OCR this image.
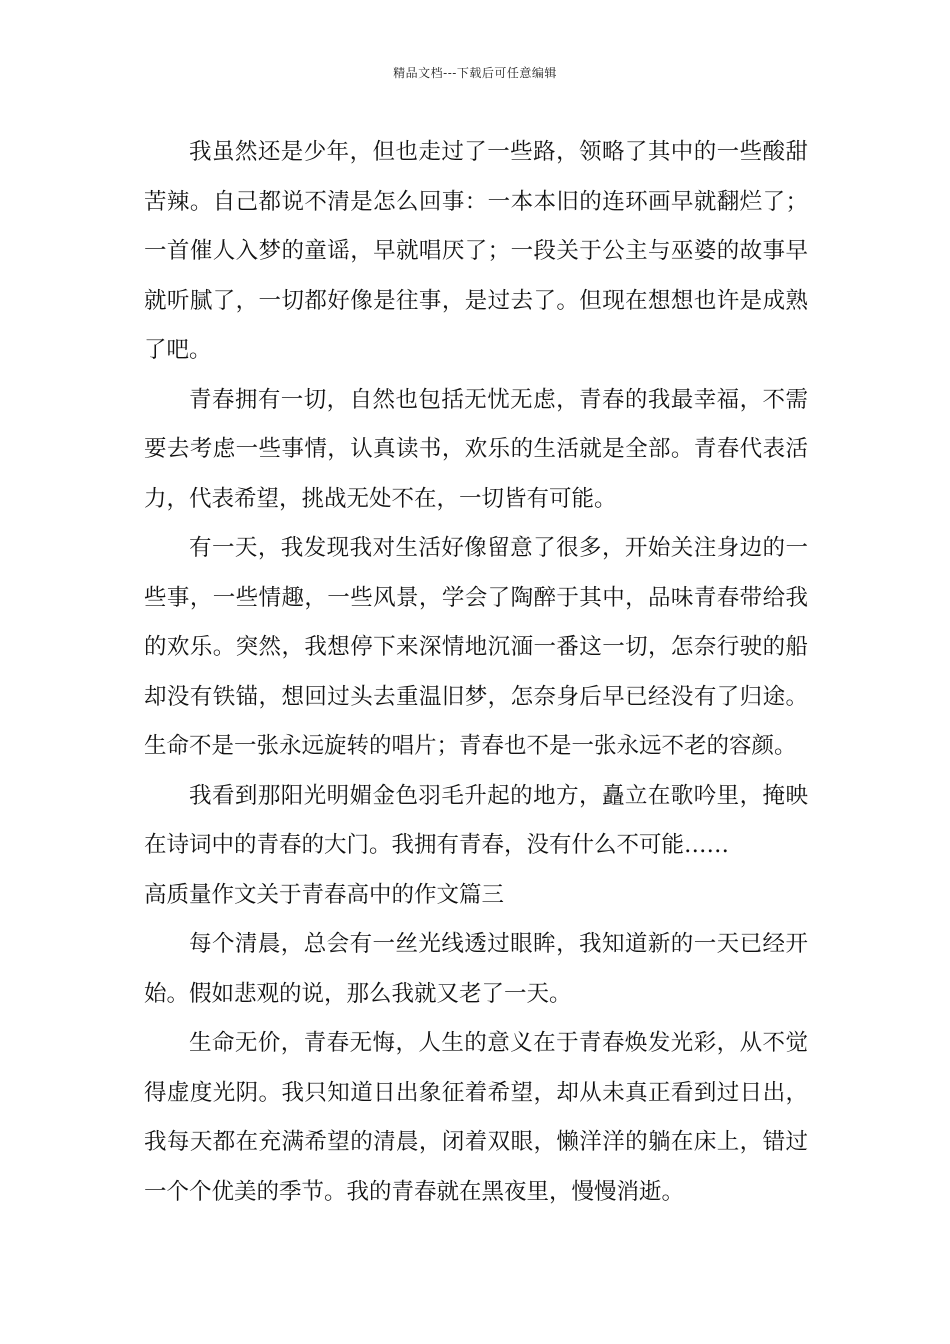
精品文档---下载后可任意编辑

我虽然还是少年，但也走过了一些路，领略了其中的一些酸甜苦辣。自己都说不清是怎么回事：一本本旧的连环画早就翻烂了；一首催人入梦的童谣，早就唱厌了；一段关于公主与巫婆的故事早就听腻了，一切都好像是往事，是过去了。但现在想想也许是成熟了吧。

青春拥有一切，自然也包括无忧无虑，青春的我最幸福，不需要去考虑一些事情，认真读书，欢乐的生活就是全部。青春代表活力，代表希望，挑战无处不在，一切皆有可能。

有一天，我发现我对生活好像留意了很多，开始关注身边的一些事，一些情趣，一些风景，学会了陶醉于其中，品味青春带给我的欢乐。突然，我想停下来深情地沉湎一番这一切，怎奈行驶的船却没有铁锚，想回过头去重温旧梦，怎奈身后早已经没有了归途。生命不是一张永远旋转的唱片；青春也不是一张永远不老的容颜。

我看到那阳光明媚金色羽毛升起的地方，矗立在歌吟里，掩映在诗词中的青春的大门。我拥有青春，没有什么不可能……

高质量作文关于青春高中的作文篇三

每个清晨，总会有一丝光线透过眼眸，我知道新的一天已经开始。假如悲观的说，那么我就又老了一天。

生命无价，青春无悔，人生的意义在于青春焕发光彩，从不觉得虚度光阴。我只知道日出象征着希望，却从未真正看到过日出，我每天都在充满希望的清晨，闭着双眼，懒洋洋的躺在床上，错过一个个优美的季节。我的青春就在黑夜里，慢慢消逝。
